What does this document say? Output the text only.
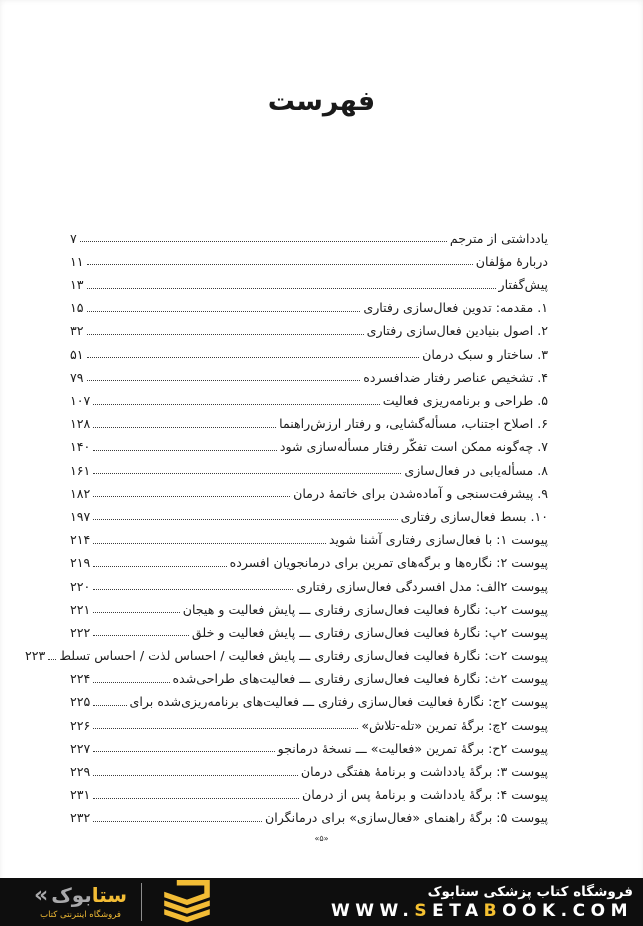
فهرست
یادداشتی از مترجم
۷
دربارهٔ مؤلفان
۱۱
پیش‌گفتار
۱۳
۱. مقدمه: تدوین فعال‌سازی رفتاری
۱۵
۲. اصول بنیادین فعال‌سازی رفتاری
۳۲
۳. ساختار و سبک درمان
۵۱
۴. تشخیص عناصر رفتار ضدافسرده
۷۹
۵. طراحی و برنامه‌ریزی فعالیت
۱۰۷
۶. اصلاح اجتناب، مسأله‌گشایی، و رفتار ارزش‌راهنما
۱۲۸
۷. چه‌گونه ممکن است تفکّر رفتار مسأله‌سازی شود
۱۴۰
۸. مسأله‌یابی در فعال‌سازی
۱۶۱
۹. پیشرفت‌سنجی و آماده‌شدن برای خاتمهٔ درمان
۱۸۲
۱۰. بسط فعال‌سازی رفتاری
۱۹۷
پیوست ۱: با فعال‌سازی رفتاری آشنا شوید
۲۱۴
پیوست ۲: نگاره‌ها و برگه‌های تمرین برای درمانجویان افسرده
۲۱۹
پیوست ۲الف: مدل افسردگی فعال‌سازی رفتاری
۲۲۰
پیوست ۲ب: نگارهٔ فعالیت فعال‌سازی رفتاری ـــ پایش فعالیت و هیجان
۲۲۱
پیوست ۲پ: نگارهٔ فعالیت فعال‌سازی رفتاری ـــ پایش فعالیت و خلق
۲۲۲
پیوست ۲ت: نگارهٔ فعالیت فعال‌سازی رفتاری ـــ پایش فعالیت / احساس لذت / احساس تسلط
۲۲۳
پیوست ۲ث: نگارهٔ فعالیت فعال‌سازی رفتاری ـــ فعالیت‌های طراحی‌شده
۲۲۴
پیوست ۲ج: نگارهٔ فعالیت فعال‌سازی رفتاری ـــ فعالیت‌های برنامه‌ریزی‌شده برای
۲۲۵
پیوست ۲چ: برگهٔ تمرین «تله-تلاش»
۲۲۶
پیوست ۲ح: برگهٔ تمرین «فعالیت» ـــ نسخهٔ درمانجو
۲۲۷
پیوست ۳: برگهٔ یادداشت و برنامهٔ هفتگی درمان
۲۲۹
پیوست ۴: برگهٔ یادداشت و برنامهٔ پس از درمان
۲۳۱
پیوست ۵: برگهٔ راهنمای «فعال‌سازی» برای درمانگران
۲۳۲
«۵»
« بوک ستا
فروشگاه اینترنتی کتاب
فروشگاه کتاب پزشکی ستابوک
WWW.SETABOOK.COM
